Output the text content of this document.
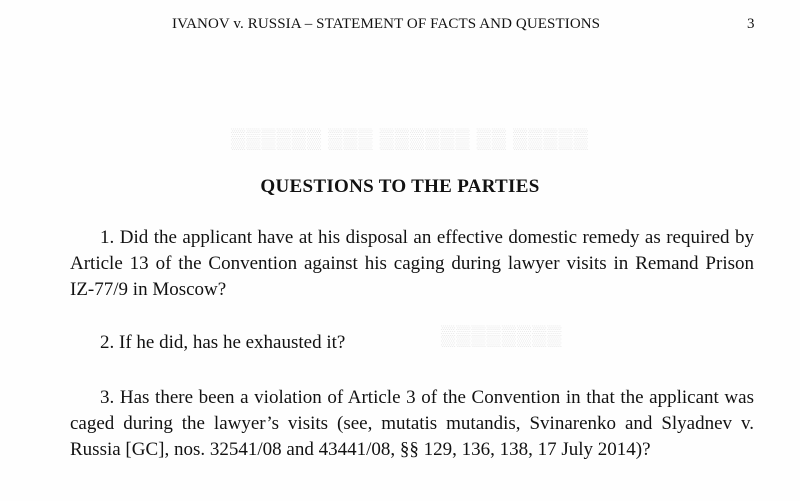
▒▒▒▒▒ ▒▒ ▒▒▒▒▒▒ ▒▒▒ ▒▒▒▒▒▒
▒▒▒▒▒▒▒▒
IVANOV v. RUSSIA – STATEMENT OF FACTS AND QUESTIONS	3
QUESTIONS TO THE PARTIES

1. Did the applicant have at his disposal an effective domestic remedy as required by Article 13 of the Convention against his caging during lawyer visits in Remand Prison IZ-77/9 in Moscow?

2. If he did, has he exhausted it?

3. Has there been a violation of Article 3 of the Convention in that the applicant was caged during the lawyer’s visits (see, mutatis mutandis, Svinarenko and Slyadnev v. Russia [GC], nos. 32541/08 and 43441/08, §§ 129, 136, 138, 17 July 2014)?
